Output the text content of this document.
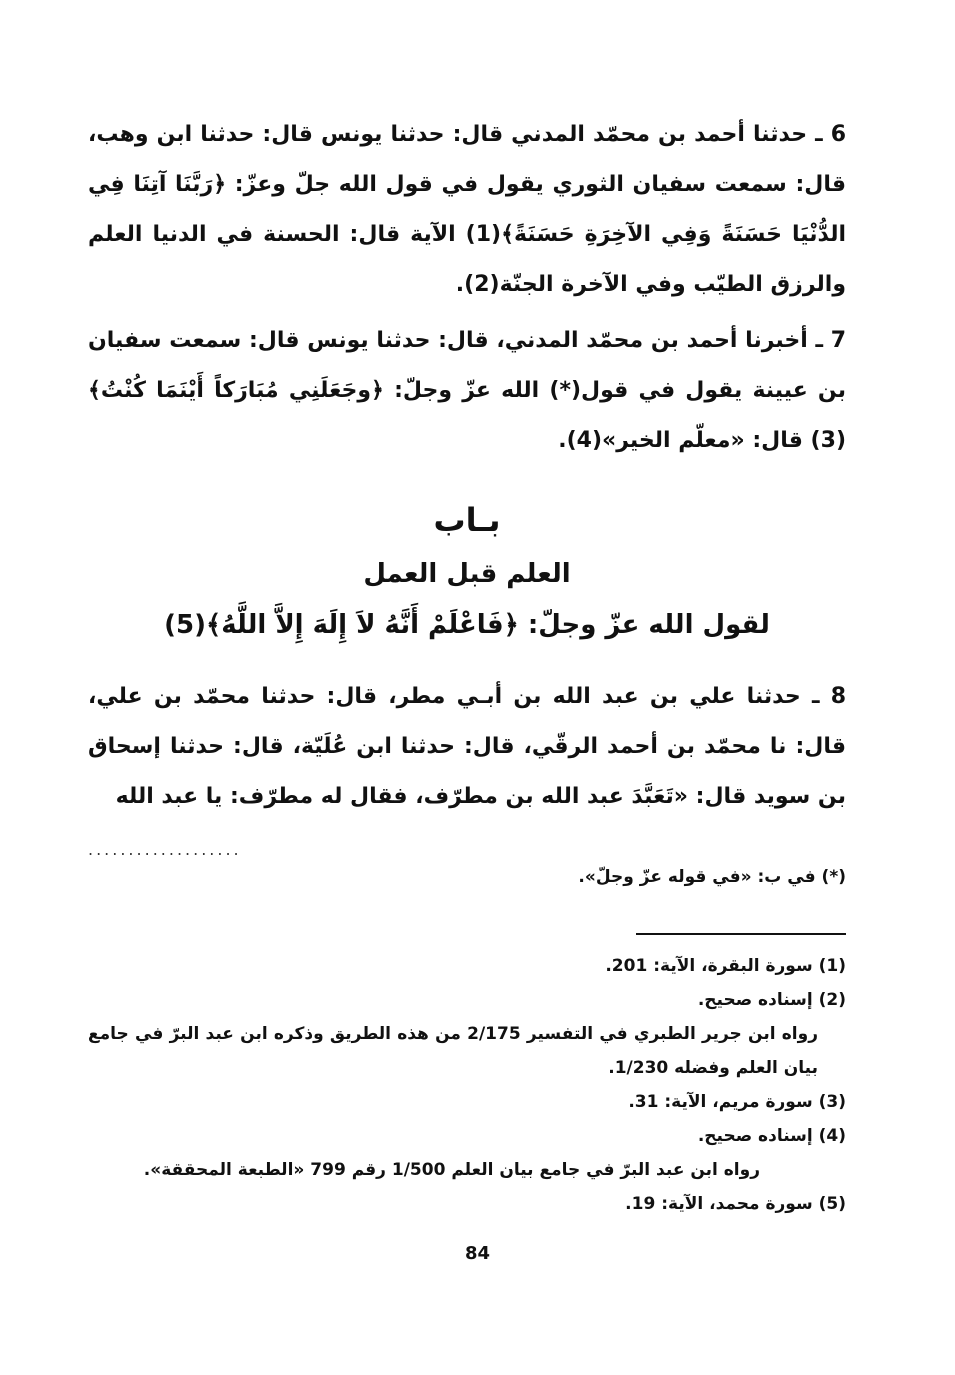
6 ـ حدثنا أحمد بن محمّد المدني قال: حدثنا يونس قال: حدثنا ابن وهب، قال: سمعت سفيان الثوري يقول في قول الله جلّ وعزّ: ﴿رَبَّنَا آتِنَا فِي الدُّنْيَا حَسَنَةً وَفِي الآخِرَةِ حَسَنَةً﴾(1) الآية قال: الحسنة في الدنيا العلم والرزق الطيّب وفي الآخرة الجنّة(2).

7 ـ أخبرنا أحمد بن محمّد المدني، قال: حدثنا يونس قال: سمعت سفيان بن عيينة يقول في قول(*) الله عزّ وجلّ: ﴿وجَعَلَنِي مُبَارَكاً أَيْنَمَا كُنْتُ﴾(3) قال: «معلّم الخير»(4).

بـاب
العلم قبل العمل
لقول الله عزّ وجلّ: ﴿فَاعْلَمْ أَنَّهُ لاَ إِلَهَ إِلاَّ اللَّهُ﴾(5)

8 ـ حدثنا علي بن عبد الله بن أبـي مطر، قال: حدثنا محمّد بن علي، قال: نا محمّد بن أحمد الرقّي، قال: حدثنا ابن عُلَيّة، قال: حدثنا إسحاق بن سويد قال: «تَعَبَّدَ عبد الله بن مطرّف، فقال له مطرّف: يا عبد الله

...................
(*) في ب: «في قوله عزّ وجلّ».

(1) سورة البقرة، الآية: 201.

(2) إسناده صحيح.

رواه ابن جرير الطبري في التفسير 2/175 من هذه الطريق وذكره ابن عبد البرّ في جامع بيان العلم وفضله 1/230.

(3) سورة مريم، الآية: 31.

(4) إسناده صحيح.

رواه ابن عبد البرّ في جامع بيان العلم 1/500 رقم 799 «الطبعة المحققة».

(5) سورة محمد، الآية: 19.

84
